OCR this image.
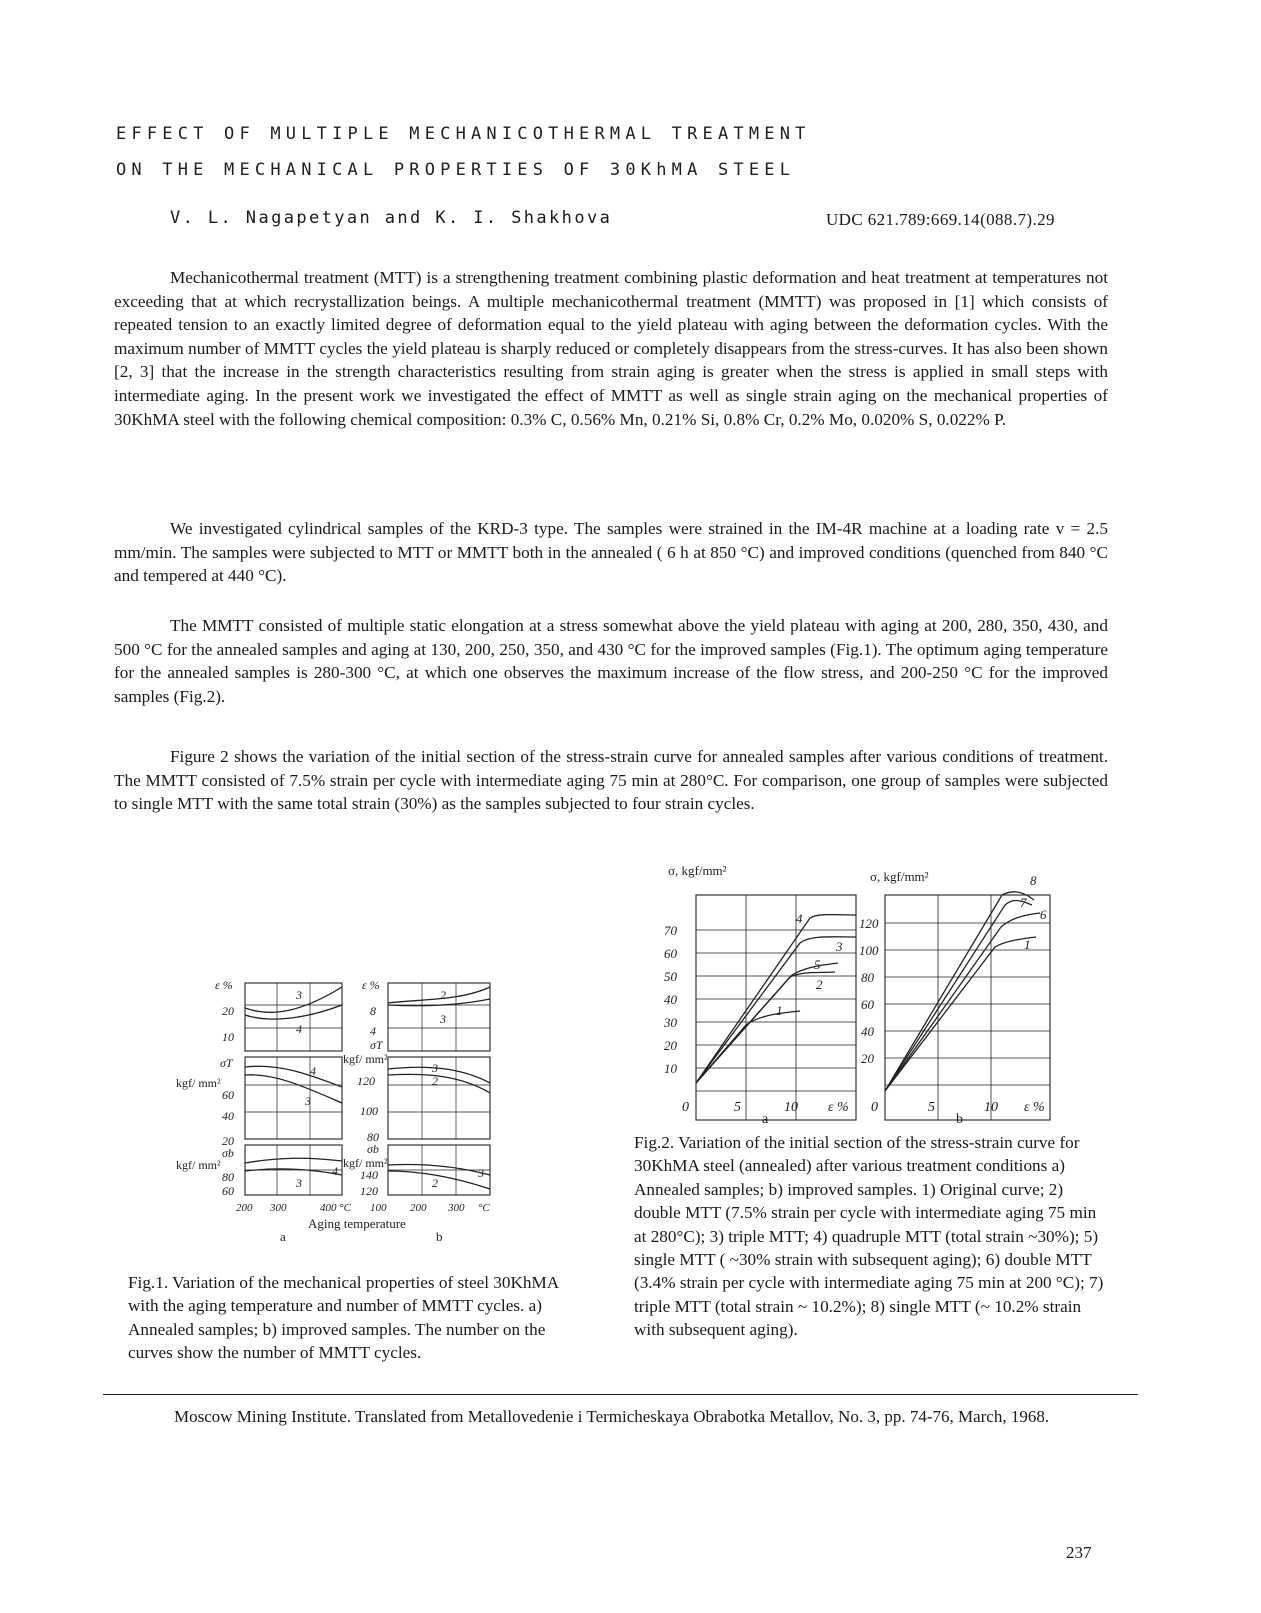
EFFECT OF MULTIPLE MECHANICOTHERMAL TREATMENT
ON THE MECHANICAL PROPERTIES OF 30KhMA STEEL
V. L. Nagapetyan and K. I. Shakhova	UDC 621.789:669.14(088.7).29

Mechanicothermal treatment (MTT) is a strengthening treatment combining plastic deformation and heat treatment at temperatures not exceeding that at which recrystallization beings. A multiple mechanicothermal treatment (MMTT) was proposed in [1] which consists of repeated tension to an exactly limited degree of deformation equal to the yield plateau with aging between the deformation cycles. With the maximum number of MMTT cycles the yield plateau is sharply reduced or completely disappears from the stress-curves. It has also been shown [2, 3] that the increase in the strength characteristics resulting from strain aging is greater when the stress is applied in small steps with intermediate aging. In the present work we investigated the effect of MMTT as well as single strain aging on the mechanical properties of 30KhMA steel with the following chemical composition: 0.3% C, 0.56% Mn, 0.21% Si, 0.8% Cr, 0.2% Mo, 0.020% S, 0.022% P.

We investigated cylindrical samples of the KRD-3 type. The samples were strained in the IM-4R machine at a loading rate v = 2.5 mm/min. The samples were subjected to MTT or MMTT both in the annealed ( 6 h at 850 °C) and improved conditions (quenched from 840 °C and tempered at 440 °C).

The MMTT consisted of multiple static elongation at a stress somewhat above the yield plateau with aging at 200, 280, 350, 430, and 500 °C for the annealed samples and aging at 130, 200, 250, 350, and 430 °C for the improved samples (Fig.1). The optimum aging temperature for the annealed samples is 280-300 °C, at which one observes the maximum increase of the flow stress, and 200-250 °C for the improved samples (Fig.2).

Figure 2 shows the variation of the initial section of the stress-strain curve for annealed samples after various conditions of treatment. The MMTT consisted of 7.5% strain per cycle with intermediate aging 75 min at 280°C. For comparison, one group of samples were subjected to single MTT with the same total strain (30%) as the samples subjected to four strain cycles.

ε %
20
10
σT
kgf/ mm²
60
40
20
σb
kgf/ mm²
80
60
ε %
8
4
σT
kgf/ mm²
120
100
80
σb
kgf/ mm²
140
120
3
4
4
3
4
3
2
3
3
2
2
3
200 300	400 °C 100 200 300 °C
Aging temperature
a	b
Fig.1. Variation of the mechanical properties of steel 30KhMA with the aging temperature and number of MMTT cycles. a) Annealed samples; b) improved samples. The number on the curves show the number of MMTT cycles.
σ, kgf/mm²	σ, kgf/mm²
70
60
50
40
30
20
10
120
100
80
60
40
20
1
2
3
4
5
1
6
7
8
0	5	10 ε %
a
0	5	10 ε %
b
Fig.2. Variation of the initial section of the stress-strain curve for 30KhMA steel (annealed) after various treatment conditions a) Annealed samples; b) improved samples. 1) Original curve; 2) double MTT (7.5% strain per cycle with intermediate aging 75 min at 280°C); 3) triple MTT; 4) quadruple MTT (total strain ~30%); 5) single MTT ( ~30% strain with subsequent aging); 6) double MTT (3.4% strain per cycle with intermediate aging 75 min at 200 °C); 7) triple MTT (total strain ~ 10.2%); 8) single MTT (~ 10.2% strain with subsequent aging).
Moscow Mining Institute. Translated from Metallovedenie i Termicheskaya Obrabotka Metallov, No. 3, pp. 74-76, March, 1968.
237
